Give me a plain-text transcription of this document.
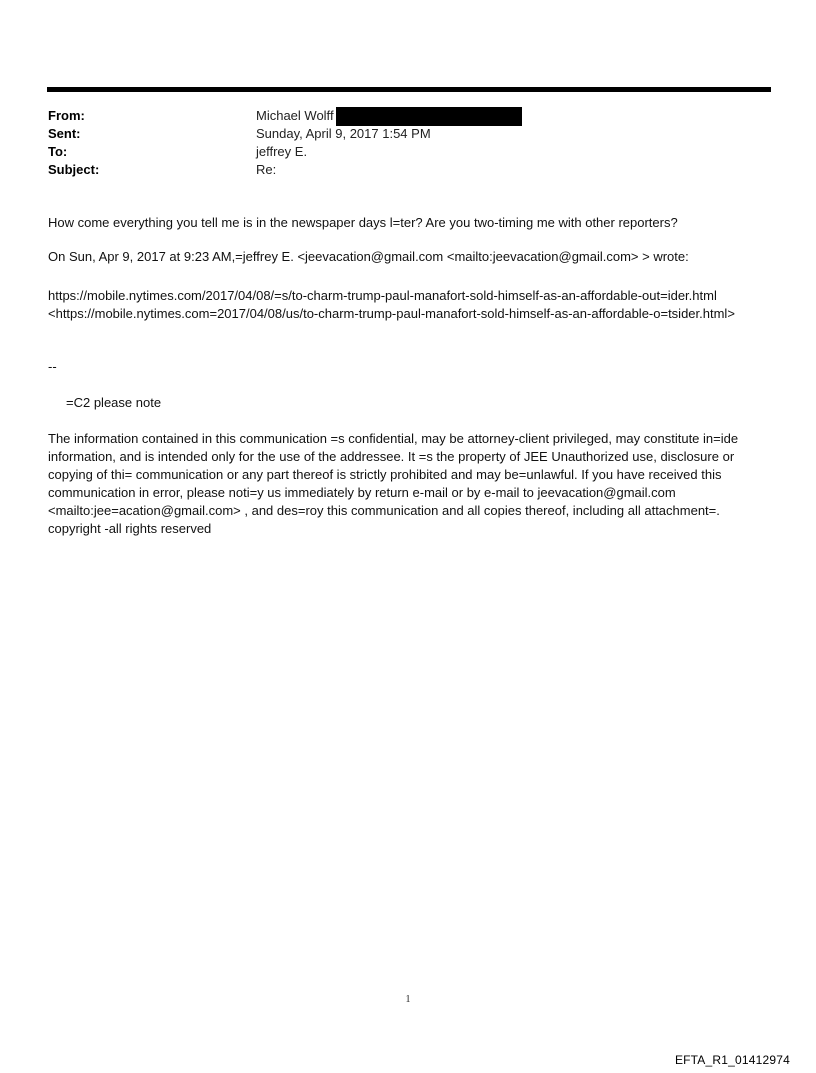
From:	Michael Wolff
Sent:	Sunday, April 9, 2017 1:54 PM
To:	jeffrey E.
Subject:	Re:
How come everything you tell me is in the newspaper days l=ter? Are you two-timing me with other reporters?
On Sun, Apr 9, 2017 at 9:23 AM,=jeffrey E. <jeevacation@gmail.com <mailto:jeevacation@gmail.com> > wrote:
https://mobile.nytimes.com/2017/04/08/=s/to-charm-trump-paul-manafort-sold-himself-as-an-affordable-out=ider.html <https://mobile.nytimes.com=2017/04/08/us/to-charm-trump-paul-manafort-sold-himself-as-an-affordable-o=tsider.html>
--
=C2 please note
The information contained in this communication =s confidential, may be attorney-client privileged, may constitute in=ide information, and is intended only for the use of the addressee. It =s the property of JEE Unauthorized use, disclosure or copying of thi= communication or any part thereof is strictly prohibited and may be=unlawful. If you have received this communication in error, please noti=y us immediately by return e-mail or by e-mail to jeevacation@gmail.com <mailto:jee=acation@gmail.com> , and des=roy this communication and all copies thereof, including all attachment=. copyright -all rights reserved
1
EFTA_R1_01412974
